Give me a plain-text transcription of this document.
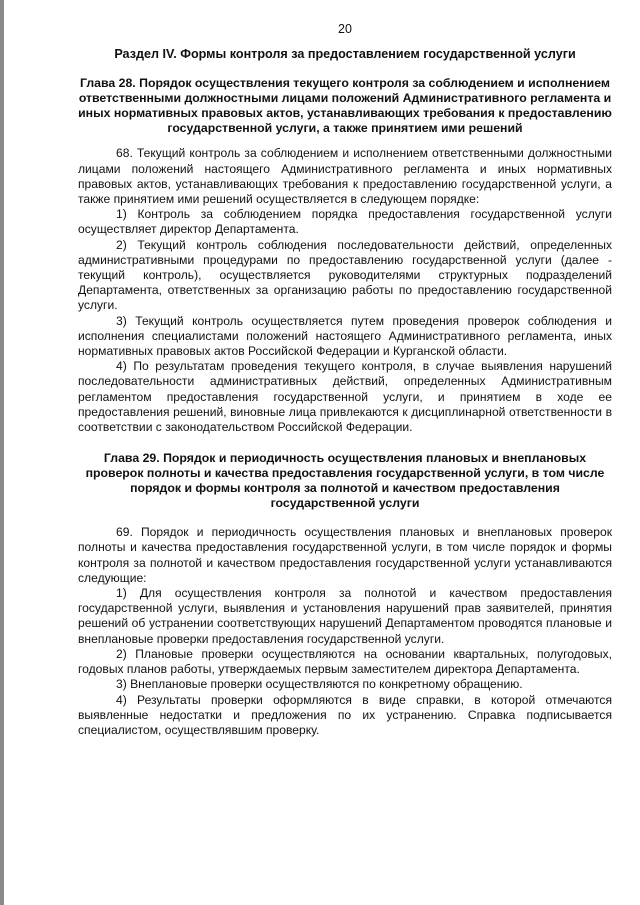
20
Раздел IV. Формы контроля за предоставлением государственной услуги
Глава 28. Порядок осуществления текущего контроля за соблюдением и исполнением ответственными должностными лицами положений Административного регламента и иных нормативных правовых актов, устанавливающих требования к предоставлению государственной услуги, а также принятием ими решений

68. Текущий контроль за соблюдением и исполнением ответственными должностными лицами положений настоящего Административного регламента и иных нормативных правовых актов, устанавливающих требования к предоставлению государственной услуги, а также принятием ими решений осуществляется в следующем порядке:

1) Контроль за соблюдением порядка предоставления государственной услуги осуществляет директор Департамента.

2) Текущий контроль соблюдения последовательности действий, определенных административными процедурами по предоставлению государственной услуги (далее - текущий контроль), осуществляется руководителями структурных подразделений Департамента, ответственных за организацию работы по предоставлению государственной услуги.

3) Текущий контроль осуществляется путем проведения проверок соблюдения и исполнения специалистами положений настоящего Административного регламента, иных нормативных правовых актов Российской Федерации и Курганской области.

4) По результатам проведения текущего контроля, в случае выявления нарушений последовательности административных действий, определенных Административным регламентом предоставления государственной услуги, и принятием в ходе ее предоставления решений, виновные лица привлекаются к дисциплинарной ответственности в соответствии с законодательством Российской Федерации.

Глава 29. Порядок и периодичность осуществления плановых и внеплановых проверок полноты и качества предоставления государственной услуги, в том числе порядок и формы контроля за полнотой и качеством предоставления государственной услуги

69. Порядок и периодичность осуществления плановых и внеплановых проверок полноты и качества предоставления государственной услуги, в том числе порядок и формы контроля за полнотой и качеством предоставления государственной услуги устанавливаются следующие:

1) Для осуществления контроля за полнотой и качеством предоставления государственной услуги, выявления и установления нарушений прав заявителей, принятия решений об устранении соответствующих нарушений Департаментом проводятся плановые и внеплановые проверки предоставления государственной услуги.

2) Плановые проверки осуществляются на основании квартальных, полугодовых, годовых планов работы, утверждаемых первым заместителем директора Департамента.

3) Внеплановые проверки осуществляются по конкретному обращению.

4) Результаты проверки оформляются в виде справки, в которой отмечаются выявленные недостатки и предложения по их устранению. Справка подписывается специалистом, осуществлявшим проверку.
